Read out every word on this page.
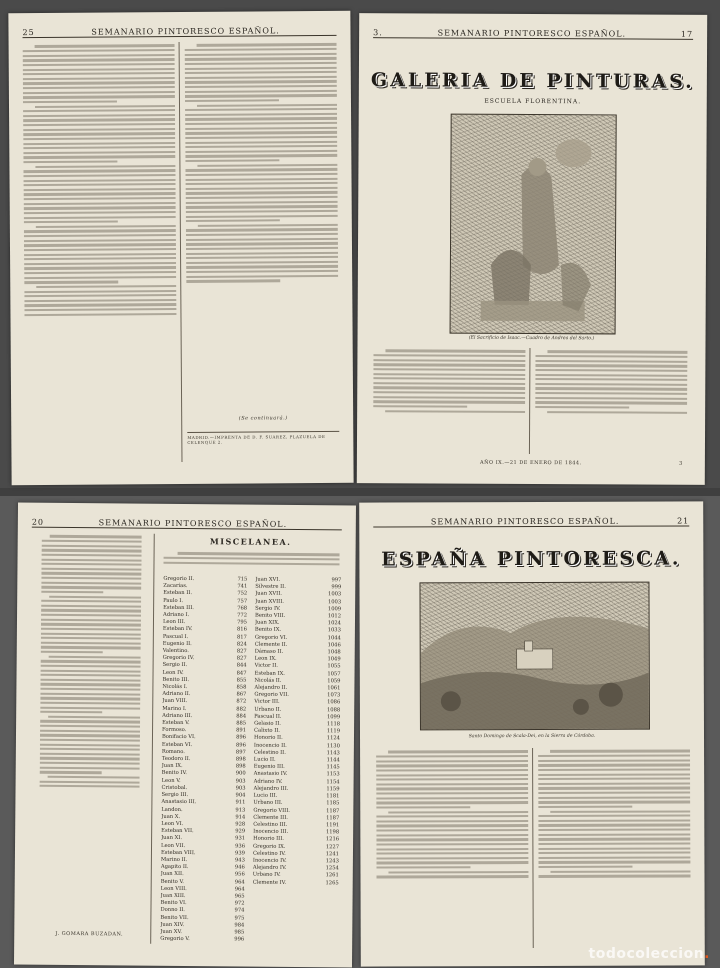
25	SEMANARIO PINTORESCO ESPAÑOL.
(Se continuará.)
MADRID.—IMPRENTA DE D. F. SUAREZ, PLAZUELA DE CELENQUE 2.
3.	SEMANARIO PINTORESCO ESPAÑOL.	17
GALERIA DE PINTURAS.
ESCUELA FLORENTINA.
(El Sacrificio de Isaac.—Cuadro de Andrea del Sarto.)
AÑO IX.—21 DE ENERO DE 1844.	3
20	SEMANARIO PINTORESCO ESPAÑOL.
J. GOMARA BUZADAN.
MISCELANEA.
Gregorio II.	715
Zacarías.	741
Esteban II.	752
Paulo I.	757
Esteban III.	768
Adriano I.	772
Leon III.	795
Esteban IV.	816
Pascual I.	817
Eugenio II.	824
Valentino.	827
Gregorio IV.	827
Sergio II.	844
Leon IV.	847
Benito III.	855
Nicolás I.	858
Adriano II.	867
Juan VIII.	872
Marino I.	882
Adriano III.	884
Esteban V.	885
Formoso.	891
Bonifacio VI.	896
Esteban VI.	896
Romano.	897
Teodoro II.	898
Juan IX.	898
Benito IV.	900
Leon V.	903
Cristobal.	903
Sergio III.	904
Anastasio III.	911
Landon.	913
Juan X.	914
Leon VI.	928
Esteban VII.	929
Juan XI.	931
Leon VII.	936
Esteban VIII.	939
Marino II.	943
Agapito II.	946
Juan XII.	956
Benito V.	964
Leon VIII.	964
Juan XIII.	965
Benito VI.	972
Donno II.	974
Benito VII.	975
Juan XIV.	984
Juan XV.	985
Gregorio V.	996
Juan XVI.	997
Silvestre II.	999
Juan XVII.	1003
Juan XVIII.	1003
Sergio IV.	1009
Benito VIII.	1012
Juan XIX.	1024
Benito IX.	1033
Gregorio VI.	1044
Clemente II.	1046
Dámaso II.	1048
Leon IX.	1049
Victor II.	1055
Esteban IX.	1057
Nicolás II.	1059
Alejandro II.	1061
Gregorio VII.	1073
Victor III.	1086
Urbano II.	1088
Pascual II.	1099
Gelasio II.	1118
Calixto II.	1119
Honorio II.	1124
Inocencio II.	1130
Celestino II.	1143
Lucio II.	1144
Eugenio III.	1145
Anastasio IV.	1153
Adriano IV.	1154
Alejandro III.	1159
Lucio III.	1181
Urbano III.	1185
Gregorio VIII.	1187
Clemente III.	1187
Celestino III.	1191
Inocencio III.	1198
Honorio III.	1216
Gregorio IX.	1227
Celestino IV.	1241
Inocencio IV.	1243
Alejandro IV.	1254
Urbano IV.	1261
Clemente IV.	1265
SEMANARIO PINTORESCO ESPAÑOL.	21
ESPAÑA PINTORESCA.
Santo Domingo de Scala-Dei, en la Sierra de Córdoba.
todocoleccion.
